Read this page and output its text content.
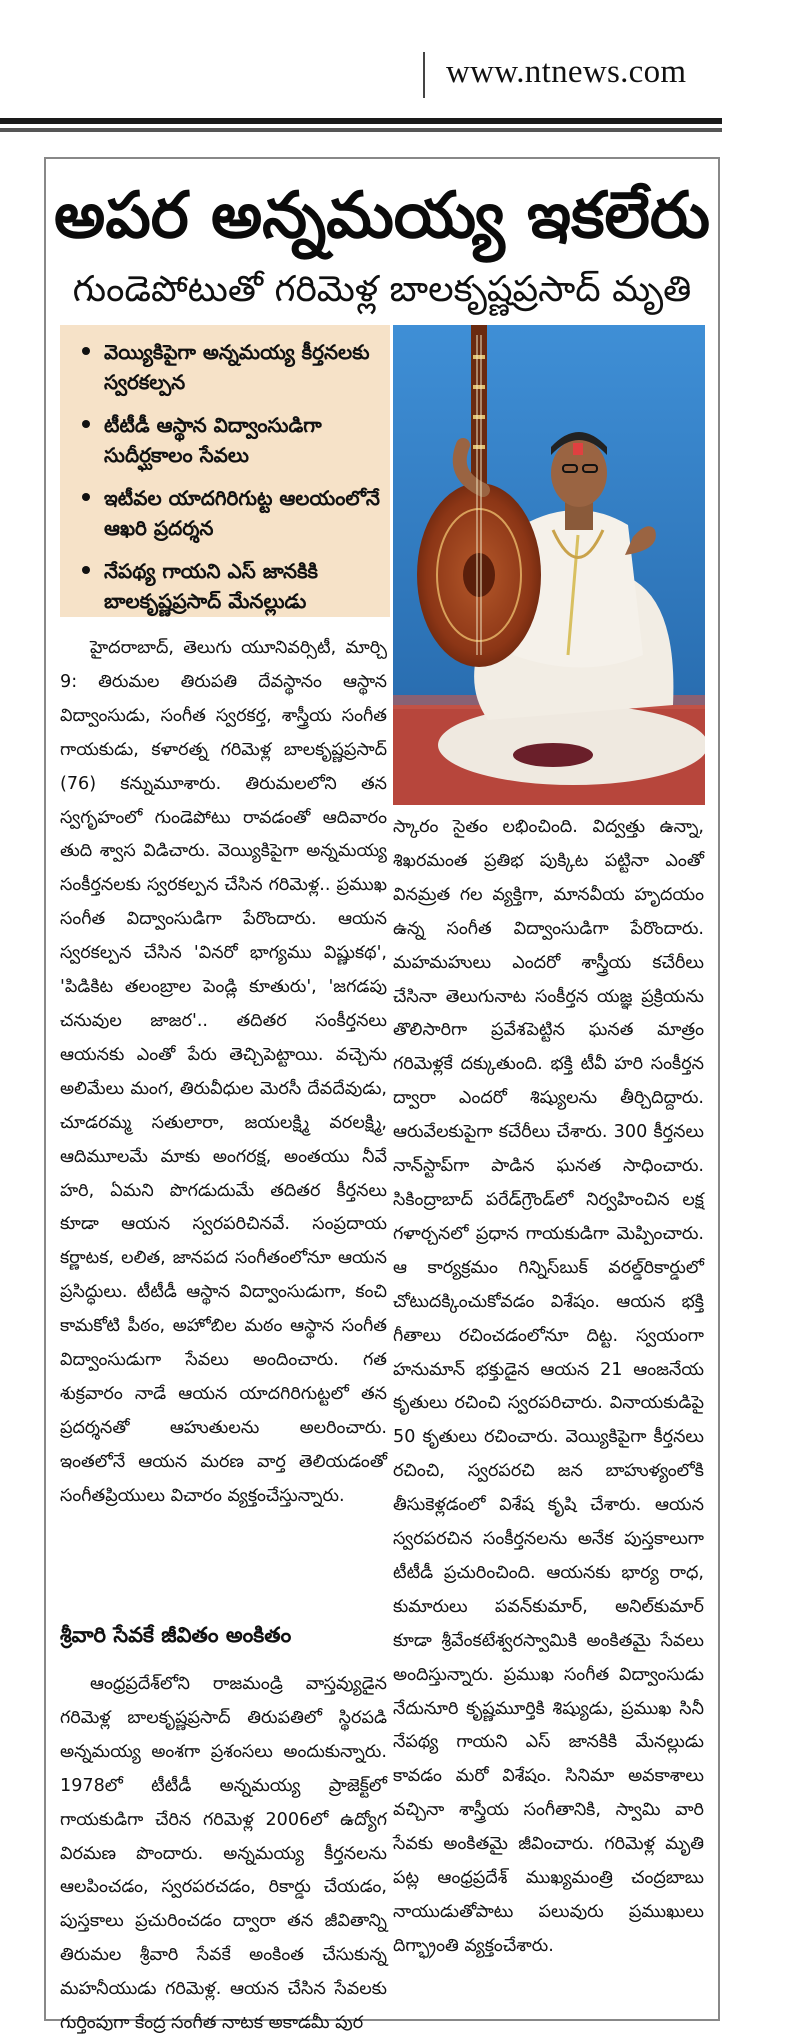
www.ntnews.com
అపర అన్నమయ్య ఇకలేరు
గుండెపోటుతో గరిమెళ్ల బాలకృష్ణప్రసాద్ మృతి
వెయ్యికిపైగా అన్నమయ్య కీర్తనలకు స్వరకల్పన
టీటీడీ ఆస్థాన విద్వాంసుడిగా సుదీర్ఘకాలం సేవలు
ఇటీవల యాదగిరిగుట్ట ఆలయంలోనే ఆఖరి ప్రదర్శన
నేపథ్య గాయని ఎస్ జానకికి బాలకృష్ణప్రసాద్ మేనల్లుడు

హైదరాబాద్, తెలుగు యూనివర్సిటీ, మార్చి 9: తిరుమల తిరుపతి దేవస్థానం ఆస్థాన విద్వాంసుడు, సంగీత స్వరకర్త, శాస్త్రీయ సంగీత గాయకుడు, కళారత్న గరిమెళ్ల బాలకృష్ణప్రసాద్ (76) కన్నుమూశారు. తిరుమలలోని తన స్వగృహంలో గుండెపోటు రావడంతో ఆదివారం తుది శ్వాస విడిచారు. వెయ్యికిపైగా అన్నమయ్య సంకీర్తనలకు స్వరకల్పన చేసిన గరిమెళ్ల.. ప్రముఖ సంగీత విద్వాంసుడిగా పేరొందారు. ఆయన స్వరకల్పన చేసిన 'వినరో భాగ్యము విష్ణుకథ', 'పిడికిట తలంబ్రాల పెండ్లి కూతురు', 'జగడపు చనువుల జాజర'.. తదితర సంకీర్తనలు ఆయనకు ఎంతో పేరు తెచ్చిపెట్టాయి. వచ్చెను అలిమేలు మంగ, తిరువీధుల మెరసీ దేవదేవుడు, చూడరమ్మ సతులారా, జయలక్ష్మి వరలక్ష్మి, ఆదిమూలమే మాకు అంగరక్ష, అంతయు నీవే హరి, ఏమని పొగడుదుమే తదితర కీర్తనలు కూడా ఆయన స్వరపరిచినవే. సంప్రదాయ కర్ణాటక, లలిత, జానపద సంగీతంలోనూ ఆయన ప్రసిద్ధులు. టీటీడీ ఆస్థాన విద్వాంసుడుగా, కంచి కామకోటి పీఠం, అహోబిల మఠం ఆస్థాన సంగీత విద్వాంసుడుగా సేవలు అందించారు. గత శుక్రవారం నాడే ఆయన యాదగిరిగుట్టలో తన ప్రదర్శనతో ఆహుతులను అలరించారు. ఇంతలోనే ఆయన మరణ వార్త తెలియడంతో సంగీతప్రియులు విచారం వ్యక్తంచేస్తున్నారు.

శ్రీవారి సేవకే జీవితం అంకితం

ఆంధ్రప్రదేశ్‌లోని రాజమండ్రి వాస్తవ్యుడైన గరిమెళ్ల బాలకృష్ణప్రసాద్ తిరుపతిలో స్థిరపడి అన్నమయ్య అంశగా ప్రశంసలు అందుకున్నారు. 1978లో టీటీడీ అన్నమయ్య ప్రాజెక్ట్‌లో గాయకుడిగా చేరిన గరిమెళ్ల 2006లో ఉద్యోగ విరమణ పొందారు. అన్నమయ్య కీర్తనలను ఆలపించడం, స్వరపరచడం, రికార్డు చేయడం, పుస్తకాలు ప్రచురించడం ద్వారా తన జీవితాన్ని తిరుమల శ్రీవారి సేవకే అంకింత చేసుకున్న మహనీయుడు గరిమెళ్ల. ఆయన చేసిన సేవలకు గుర్తింపుగా కేంద్ర సంగీత నాటక అకాడమీ పుర

స్కారం సైతం లభించింది. విద్వత్తు ఉన్నా, శిఖరమంత ప్రతిభ పుక్కిట పట్టినా ఎంతో వినమ్రత గల వ్యక్తిగా, మానవీయ హృదయం ఉన్న సంగీత విద్వాంసుడిగా పేరొందారు. మహమహులు ఎందరో శాస్త్రీయ కచేరీలు చేసినా తెలుగునాట సంకీర్తన యజ్ఞ ప్రక్రియను తొలిసారిగా ప్రవేశపెట్టిన ఘనత మాత్రం గరిమెళ్లకే దక్కుతుంది. భక్తి టీవీ హరి సంకీర్తన ద్వారా ఎందరో శిష్యులను తీర్చిదిద్దారు. ఆరువేలకుపైగా కచేరీలు చేశారు. 300 కీర్తనలు నాన్‌స్టాప్‌గా పాడిన ఘనత సాధించారు. సికింద్రాబాద్ పరేడ్‌గ్రౌండ్‌లో నిర్వహించిన లక్ష గళార్చనలో ప్రధాన గాయకుడిగా మెప్పించారు. ఆ కార్యక్రమం గిన్నిస్‌బుక్ వరల్డ్‌రికార్డులో చోటుదక్కించుకోవడం విశేషం. ఆయన భక్తి గీతాలు రచించడంలోనూ దిట్ట. స్వయంగా హనుమాన్ భక్తుడైన ఆయన 21 ఆంజనేయ కృతులు రచించి స్వరపరిచారు. వినాయకుడిపై 50 కృతులు రచించారు. వెయ్యికిపైగా కీర్తనలు రచించి, స్వరపరచి జన బాహుళ్యంలోకి తీసుకెళ్లడంలో విశేష కృషి చేశారు. ఆయన స్వరపరచిన సంకీర్తనలను అనేక పుస్తకాలుగా టీటీడీ ప్రచురించింది. ఆయనకు భార్య రాధ, కుమారులు పవన్‌కుమార్, అనిల్‌కుమార్ కూడా శ్రీవేంకటేశ్వరస్వామికి అంకితమై సేవలు అందిస్తున్నారు. ప్రముఖ సంగీత విద్వాంసుడు నేదునూరి కృష్ణమూర్తికి శిష్యుడు, ప్రముఖ సినీ నేపథ్య గాయని ఎస్ జానకికి మేనల్లుడు కావడం మరో విశేషం. సినిమా అవకాశాలు వచ్చినా శాస్త్రీయ సంగీతానికి, స్వామి వారి సేవకు అంకితమై జీవించారు. గరిమెళ్ల మృతి పట్ల ఆంధ్రప్రదేశ్ ముఖ్యమంత్రి చంద్రబాబు నాయుడుతోపాటు పలువురు ప్రముఖులు దిగ్భ్రాంతి వ్యక్తంచేశారు.
